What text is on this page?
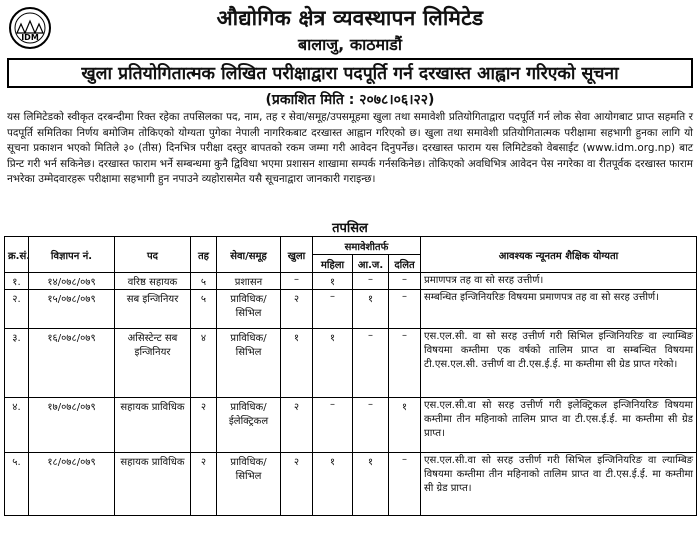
IDM
औद्योगिक क्षेत्र व्यवस्थापन लिमिटेड
बालाजु, काठमाडौं
खुला प्रतियोगितात्मक लिखित परीक्षाद्वारा पदपूर्ति गर्न दरखास्त आह्वान गरिएको सूचना
(प्रकाशित मिति : २०७८।०६।२२)

यस लिमिटेडको स्वीकृत दरबन्दीमा रिक्त रहेका तपसिलका पद, नाम, तह र सेवा/समूह/उपसमूहमा खुला तथा समावेशी प्रतियोगिताद्वारा पदपूर्ति गर्न लोक सेवा आयोगबाट प्राप्त सहमति र पदपूर्ति समितिका निर्णय बमोजिम तोकिएको योग्यता पुगेका नेपाली नागरिकबाट दरखास्त आह्वान गरिएको छ। खुला तथा समावेशी प्रतियोगितात्मक परीक्षामा सहभागी हुनका लागि यो सूचना प्रकाशन भएको मितिले ३० (तीस) दिनभित्र परीक्षा दस्तुर बापतको रकम जम्मा गरी आवेदन दिनुपर्नेछ। दरखास्त फाराम यस लिमिटेडको वेबसाईट (www.idm.org.np) बाट प्रिन्ट गरी भर्न सकिनेछ। दरखास्त फाराम भर्ने सम्बन्धमा कुनै द्विविधा भएमा प्रशासन शाखामा सम्पर्क गर्नसकिनेछ। तोकिएको अवधिभित्र आवेदन पेस नगरेका वा रीतपूर्वक दरखास्त फाराम नभरेका उम्मेदवारहरू परीक्षामा सहभागी हुन नपाउने व्यहोरासमेत यसै सूचनाद्वारा जानकारी गराइन्छ।

तपसिल
क्र.सं.	विज्ञापन नं.	पद	तह	सेवा/समूह	खुला	समावेशीतर्फ			आवश्यक न्यूनतम शैक्षिक योग्यता
						महिला	आ.ज.	दलित	
१.	१४/०७८/०७९	वरिष्ठ सहायक	५	प्रशासन	–	१	–	–	प्रमाणपत्र तह वा सो सरह उत्तीर्ण।
२.	१५/०७८/०७९	सब इन्जिनियर	५	प्राविधिक/ सिभिल	२	–	१	–	सम्बन्धित इन्जिनियरिङ विषयमा प्रमाणपत्र तह वा सो सरह उत्तीर्ण।
३.	१६/०७८/०७९	असिस्टेन्ट सब इन्जिनियर	४	प्राविधिक/ सिभिल	१	१	–	–	एस.एल.सी. वा सो सरह उत्तीर्ण गरी सिभिल इन्जिनियरिङ वा ल्याम्बिङ विषयमा कम्तीमा एक वर्षको तालिम प्राप्त वा सम्बन्धित विषयमा टी.एस.एल.सी. उत्तीर्ण वा टी.एस.ई.ई. मा कम्तीमा सी ग्रेड प्राप्त गरेको।
४.	१७/०७८/०७९	सहायक प्राविधिक	२	प्राविधिक/ ईलेक्ट्रिकल	२	–	–	१	एस.एल.सी.वा सो सरह उत्तीर्ण गरी इलेक्ट्रिकल इन्जिनियरिङ विषयमा कम्तीमा तीन महिनाको तालिम प्राप्त वा टी.एस.ई.ई. मा कम्तीमा सी ग्रेड प्राप्त।
५.	१८/०७८/०७९	सहायक प्राविधिक	२	प्राविधिक/ सिभिल	२	१	१	–	एस.एल.सी.वा सो सरह उत्तीर्ण गरी सिभिल इन्जिनियरिङ वा ल्याम्बिङ विषयमा कम्तीमा तीन महिनाको तालिम प्राप्त वा टी.एस.ई.ई. मा कम्तीमा सी ग्रेड प्राप्त।
